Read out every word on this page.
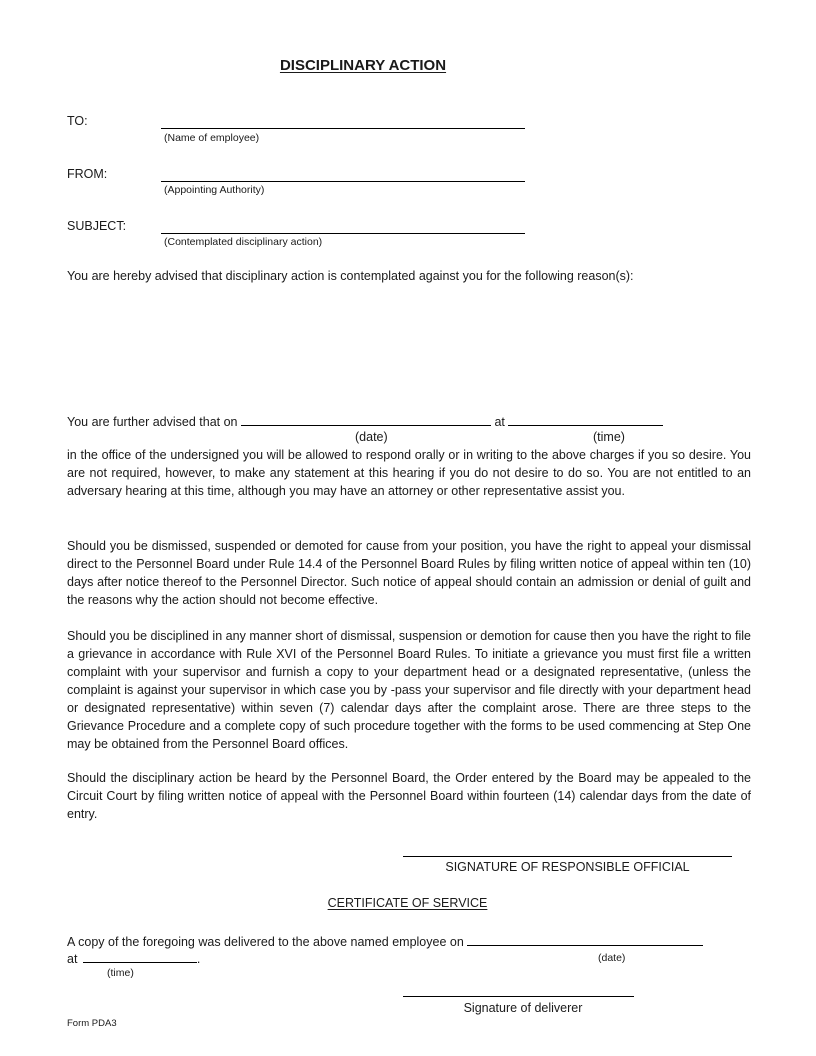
DISCIPLINARY ACTION
TO:
(Name of employee)
FROM:
(Appointing Authority)
SUBJECT:
(Contemplated disciplinary action)
You are hereby advised that disciplinary action is contemplated against you for the following reason(s):
You are further advised that on	at
(date)	(time)
in the office of the undersigned you will be allowed to respond orally or in writing to the above charges if you so desire. You are not required, however, to make any statement at this hearing if you do not desire to do so. You are not entitled to an adversary hearing at this time, although you may have an attorney or other representative assist you.
Should you be dismissed, suspended or demoted for cause from your position, you have the right to appeal your dismissal direct to the Personnel Board under Rule 14.4 of the Personnel Board Rules by filing written notice of appeal within ten (10) days after notice thereof to the Personnel Director. Such notice of appeal should contain an admission or denial of guilt and the reasons why the action should not become effective.
Should you be disciplined in any manner short of dismissal, suspension or demotion for cause then you have the right to file a grievance in accordance with Rule XVI of the Personnel Board Rules. To initiate a grievance you must first file a written complaint with your supervisor and furnish a copy to your department head or a designated representative, (unless the complaint is against your supervisor in which case you by -pass your supervisor and file directly with your department head or designated representative) within seven (7) calendar days after the complaint arose. There are three steps to the Grievance Procedure and a complete copy of such procedure together with the forms to be used commencing at Step One may be obtained from the Personnel Board offices.
Should the disciplinary action be heard by the Personnel Board, the Order entered by the Board may be appealed to the Circuit Court by filing written notice of appeal with the Personnel Board within fourteen (14) calendar days from the date of entry.
SIGNATURE OF RESPONSIBLE OFFICIAL
CERTIFICATE OF SERVICE
A copy of the foregoing was delivered to the above named employee on
(date)
at	.
(time)
Signature of deliverer
Form PDA3
